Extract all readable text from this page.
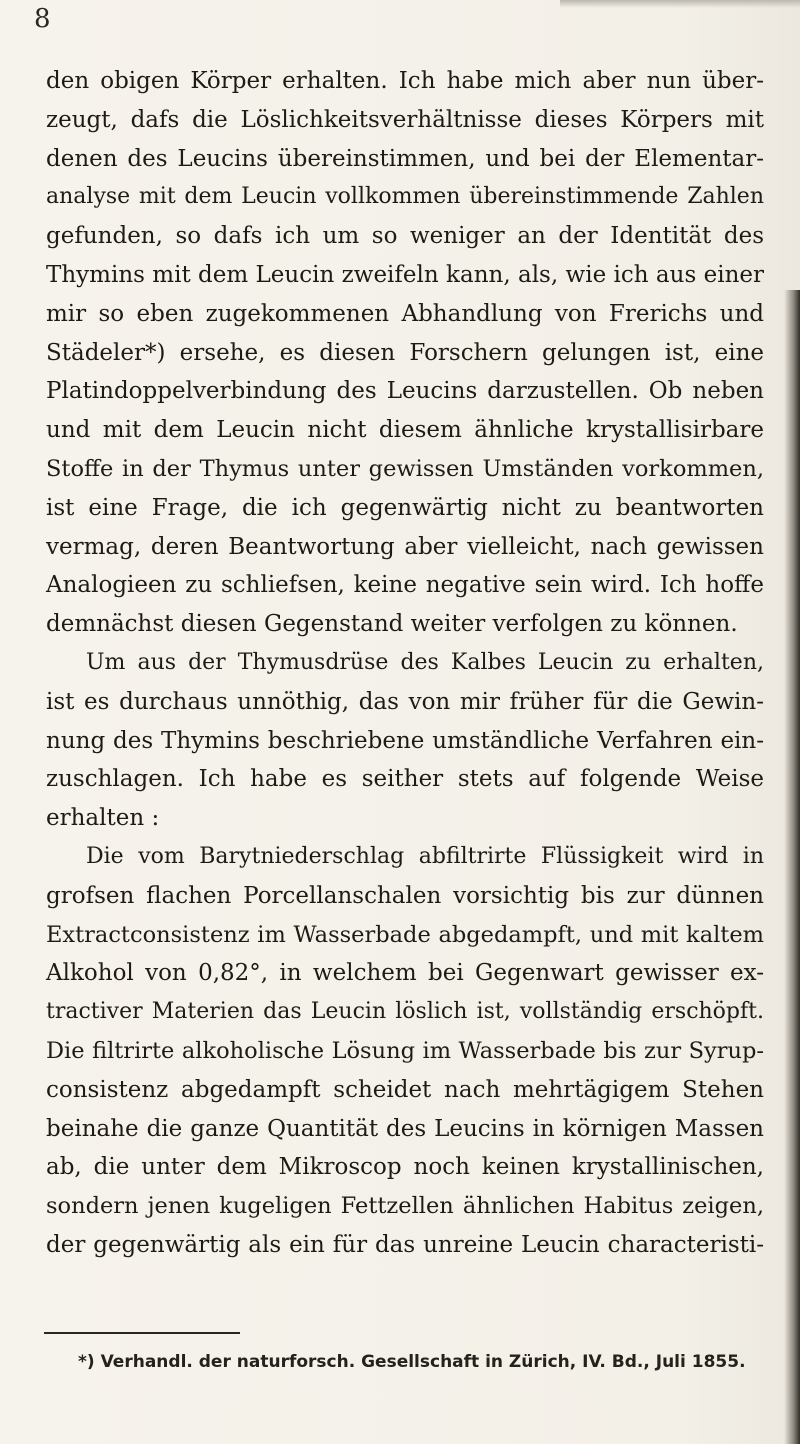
8
den obigen Körper erhalten. Ich habe mich aber nun über-
zeugt, dafs die Löslichkeitsverhältnisse dieses Körpers mit
denen des Leucins übereinstimmen, und bei der Elementar-
analyse mit dem Leucin vollkommen übereinstimmende Zahlen
gefunden, so dafs ich um so weniger an der Identität des
Thymins mit dem Leucin zweifeln kann, als, wie ich aus einer
mir so eben zugekommenen Abhandlung von Frerichs und
Städeler*) ersehe, es diesen Forschern gelungen ist, eine
Platindoppelverbindung des Leucins darzustellen. Ob neben
und mit dem Leucin nicht diesem ähnliche krystallisirbare
Stoffe in der Thymus unter gewissen Umständen vorkommen,
ist eine Frage, die ich gegenwärtig nicht zu beantworten
vermag, deren Beantwortung aber vielleicht, nach gewissen
Analogieen zu schliefsen, keine negative sein wird. Ich hoffe
demnächst diesen Gegenstand weiter verfolgen zu können.
Um aus der Thymusdrüse des Kalbes Leucin zu erhalten,
ist es durchaus unnöthig, das von mir früher für die Gewin-
nung des Thymins beschriebene umständliche Verfahren ein-
zuschlagen. Ich habe es seither stets auf folgende Weise
erhalten :
Die vom Barytniederschlag abfiltrirte Flüssigkeit wird in
grofsen flachen Porcellanschalen vorsichtig bis zur dünnen
Extractconsistenz im Wasserbade abgedampft, und mit kaltem
Alkohol von 0,82°, in welchem bei Gegenwart gewisser ex-
tractiver Materien das Leucin löslich ist, vollständig erschöpft.
Die filtrirte alkoholische Lösung im Wasserbade bis zur Syrup-
consistenz abgedampft scheidet nach mehrtägigem Stehen
beinahe die ganze Quantität des Leucins in körnigen Massen
ab, die unter dem Mikroscop noch keinen krystallinischen,
sondern jenen kugeligen Fettzellen ähnlichen Habitus zeigen,
der gegenwärtig als ein für das unreine Leucin characteristi-
*) Verhandl. der naturforsch. Gesellschaft in Zürich, IV. Bd., Juli 1855.
